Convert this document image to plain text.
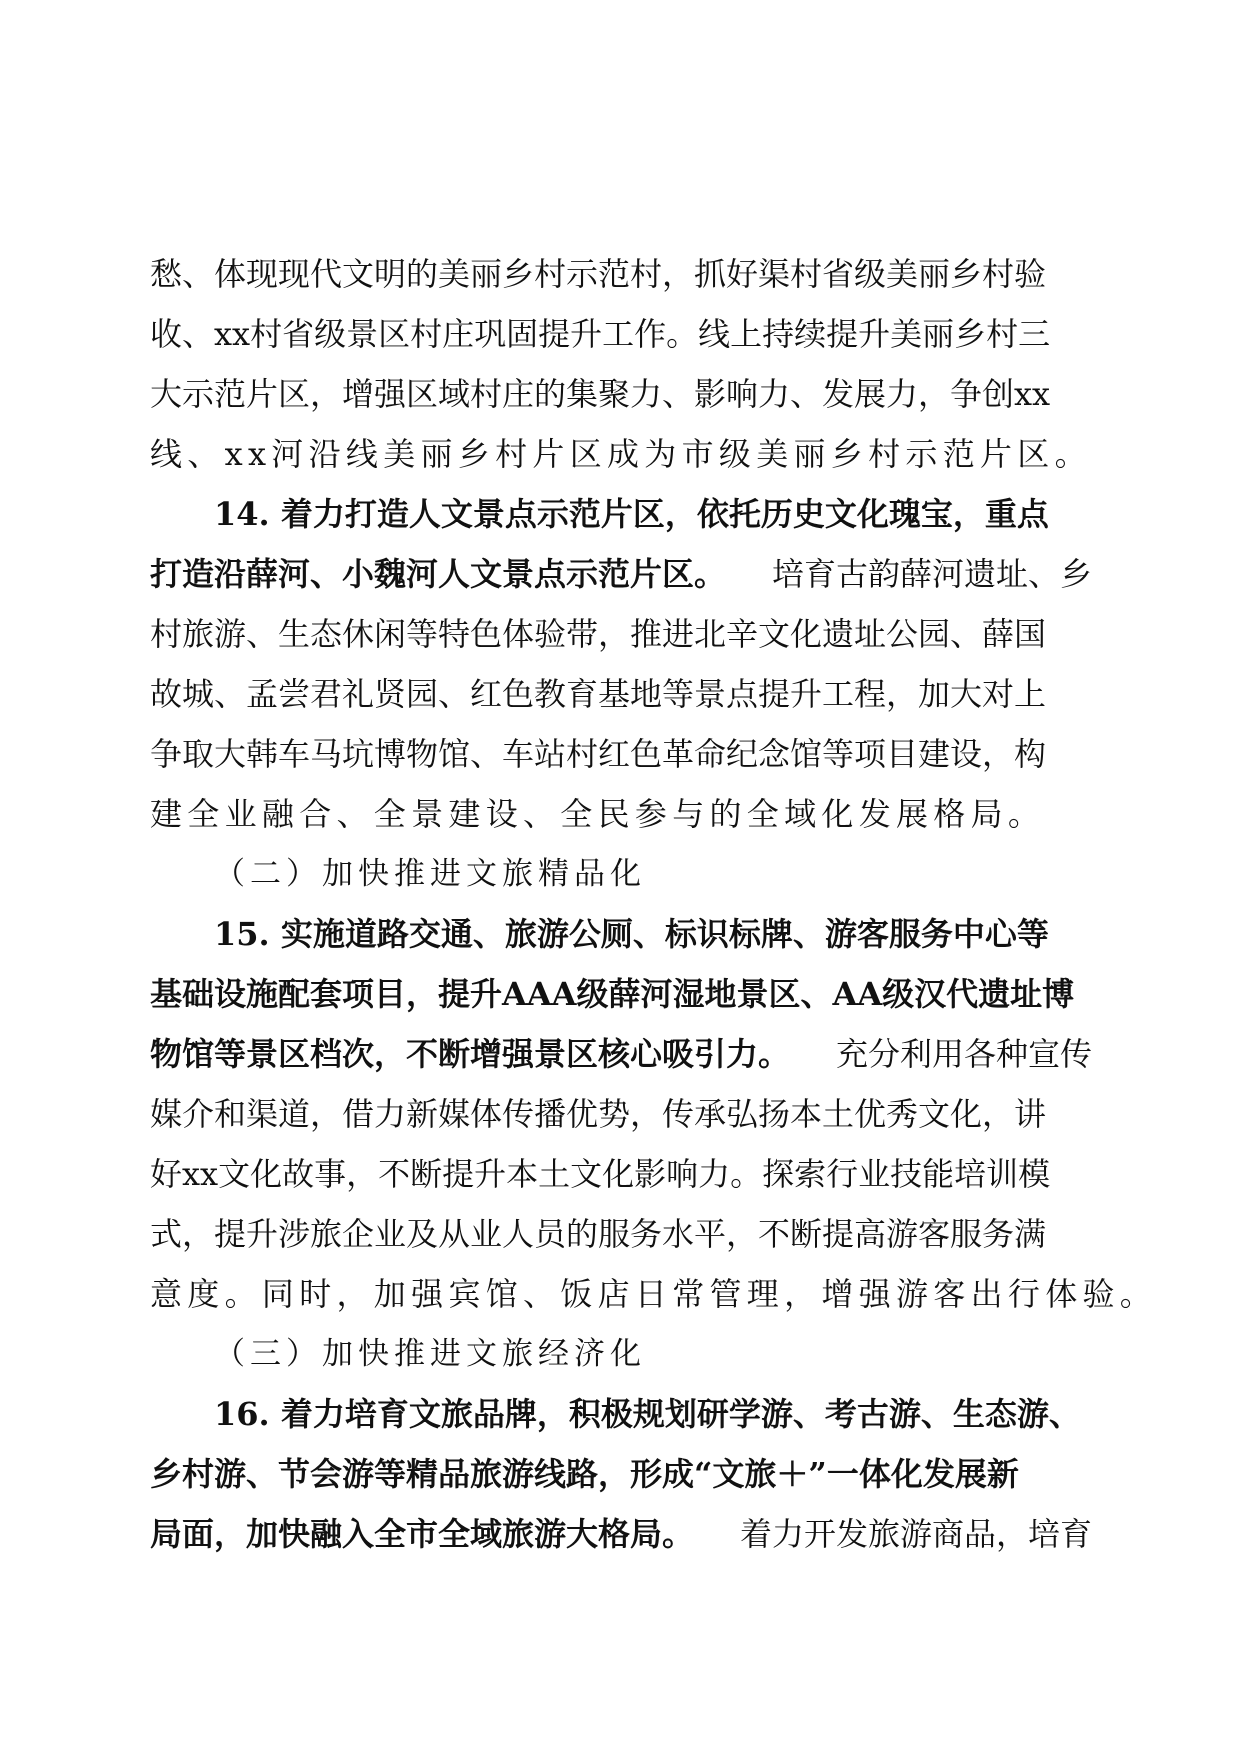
愁、体现现代文明的美丽乡村示范村，抓好渠村省级美丽乡村验
收、xx村省级景区村庄巩固提升工作。线上持续提升美丽乡村三
大示范片区，增强区域村庄的集聚力、影响力、发展力，争创xx
线、xx河沿线美丽乡村片区成为市级美丽乡村示范片区。
14. 着力打造人文景点示范片区，依托历史文化瑰宝，重点
打造沿薛河、小魏河人文景点示范片区。 培育古韵薛河遗址、乡
村旅游、生态休闲等特色体验带，推进北辛文化遗址公园、薛国
故城、孟尝君礼贤园、红色教育基地等景点提升工程，加大对上
争取大韩车马坑博物馆、车站村红色革命纪念馆等项目建设，构
建全业融合、全景建设、全民参与的全域化发展格局。
（二）加快推进文旅精品化
15. 实施道路交通、旅游公厕、标识标牌、游客服务中心等
基础设施配套项目，提升AAA级薛河湿地景区、AA级汉代遗址博
物馆等景区档次，不断增强景区核心吸引力。 充分利用各种宣传
媒介和渠道，借力新媒体传播优势，传承弘扬本土优秀文化，讲
好xx文化故事，不断提升本土文化影响力。探索行业技能培训模
式，提升涉旅企业及从业人员的服务水平，不断提高游客服务满
意度。同时，加强宾馆、饭店日常管理，增强游客出行体验。
（三）加快推进文旅经济化
16. 着力培育文旅品牌，积极规划研学游、考古游、生态游、
乡村游、节会游等精品旅游线路，形成“文旅＋”一体化发展新
局面，加快融入全市全域旅游大格局。 着力开发旅游商品，培育
